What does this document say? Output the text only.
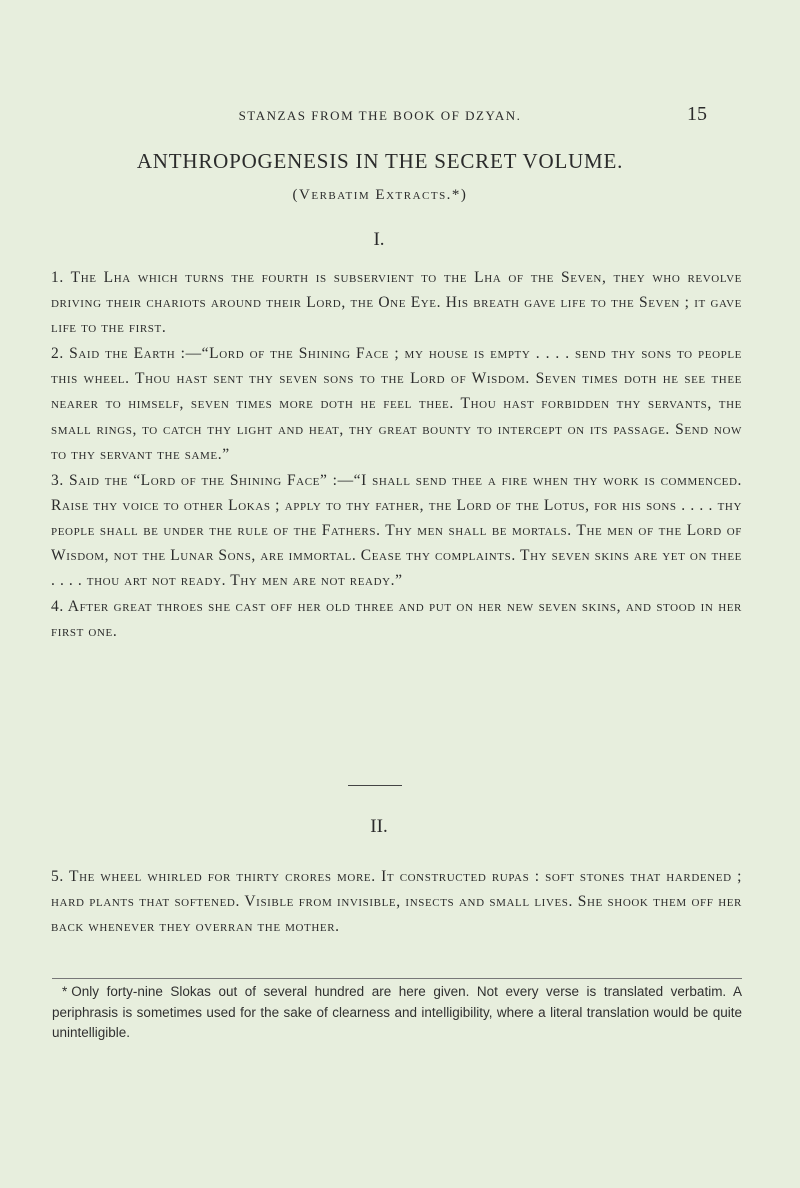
STANZAS FROM THE BOOK OF DZYAN.	15
ANTHROPOGENESIS IN THE SECRET VOLUME.
(Verbatim Extracts.*)
I.

1. The Lha which turns the fourth is subservient to the Lha of the Seven, they who revolve driving their chariots around their Lord, the One Eye. His breath gave life to the Seven ; it gave life to the first.

2. Said the Earth :—“Lord of the Shining Face ; my house is empty . . . . send thy sons to people this wheel. Thou hast sent thy seven sons to the Lord of Wisdom. Seven times doth he see thee nearer to himself, seven times more doth he feel thee. Thou hast forbidden thy servants, the small rings, to catch thy light and heat, thy great bounty to intercept on its passage. Send now to thy servant the same.”

3. Said the “Lord of the Shining Face” :—“I shall send thee a fire when thy work is commenced. Raise thy voice to other Lokas ; apply to thy father, the Lord of the Lotus, for his sons . . . . thy people shall be under the rule of the Fathers. Thy men shall be mortals. The men of the Lord of Wisdom, not the Lunar Sons, are immortal. Cease thy complaints. Thy seven skins are yet on thee . . . . thou art not ready. Thy men are not ready.”

4. After great throes she cast off her old three and put on her new seven skins, and stood in her first one.

II.

5. The wheel whirled for thirty crores more. It constructed rupas : soft stones that hardened ; hard plants that softened. Visible from invisible, insects and small lives. She shook them off her back whenever they overran the mother.

* Only forty-nine Slokas out of several hundred are here given. Not every verse is translated verbatim. A periphrasis is sometimes used for the sake of clearness and intelligibility, where a literal translation would be quite unintelligible.
